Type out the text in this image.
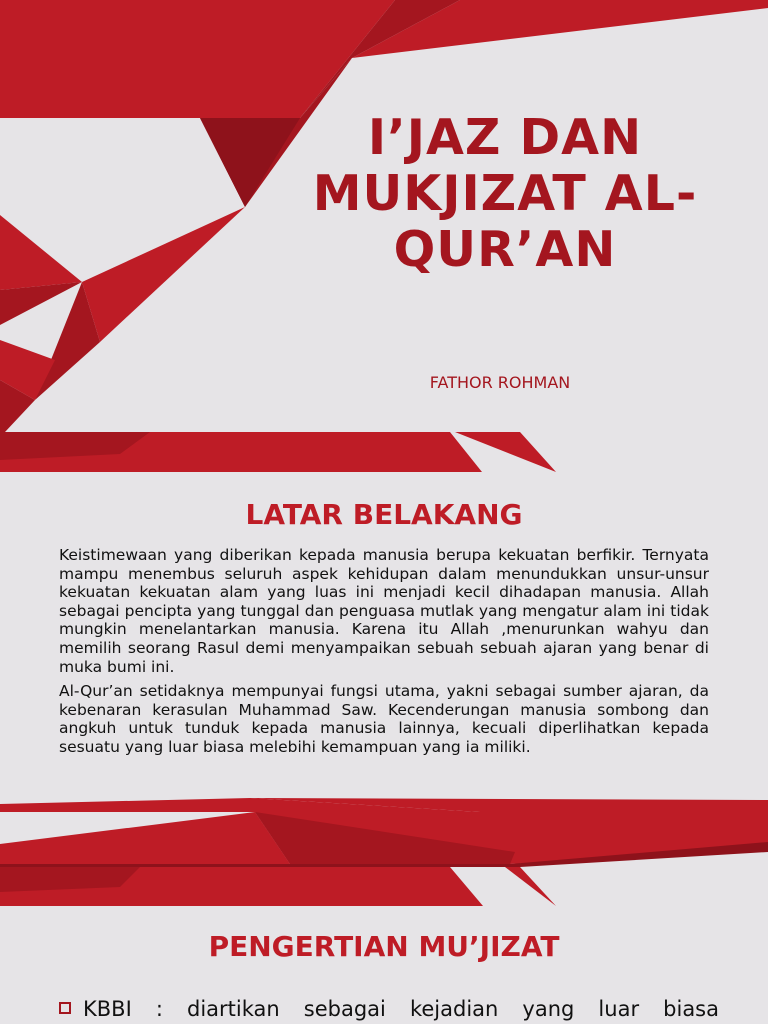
I’JAZ DAN MUKJIZAT AL-QUR’AN

FATHOR ROHMAN

LATAR BELAKANG

Keistimewaan yang diberikan kepada manusia berupa kekuatan berfikir. Ternyata mampu menembus seluruh aspek kehidupan dalam menundukkan unsur-unsur kekuatan kekuatan alam yang luas ini menjadi kecil dihadapan manusia. Allah sebagai pencipta yang tunggal dan penguasa mutlak yang mengatur alam ini tidak mungkin menelantarkan manusia. Karena itu Allah ,menurunkan wahyu dan memilih seorang Rasul demi menyampaikan sebuah sebuah ajaran yang benar di muka bumi ini.

Al-Qur’an setidaknya mempunyai fungsi utama, yakni sebagai sumber ajaran, da kebenaran kerasulan Muhammad Saw. Kecenderungan manusia sombong dan angkuh untuk tunduk kepada manusia lainnya, kecuali diperlihatkan kepada sesuatu yang luar biasa melebihi kemampuan yang ia miliki.

PENGERTIAN MU’JIZAT
KBBI : diartikan sebagai kejadian yang luar biasa
